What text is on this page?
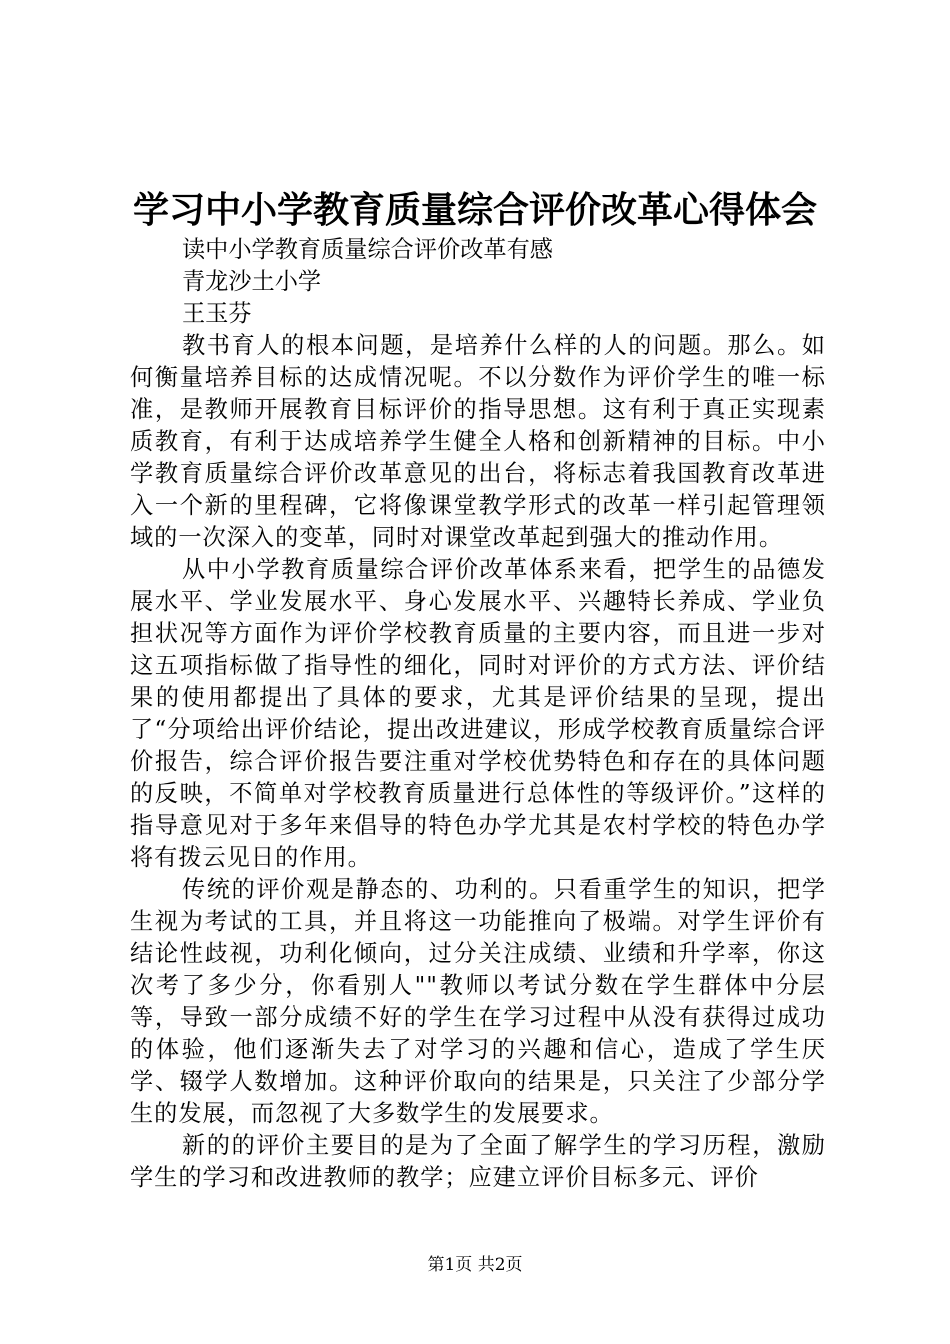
学习中小学教育质量综合评价改革心得体会

读中小学教育质量综合评价改革有感

青龙沙土小学

王玉芬

教书育人的根本问题，是培养什么样的人的问题。那么。如何衡量培养目标的达成情况呢。不以分数作为评价学生的唯一标准，是教师开展教育目标评价的指导思想。这有利于真正实现素质教育，有利于达成培养学生健全人格和创新精神的目标。中小学教育质量综合评价改革意见的出台，将标志着我国教育改革进入一个新的里程碑，它将像课堂教学形式的改革一样引起管理领域的一次深入的变革，同时对课堂改革起到强大的推动作用。

从中小学教育质量综合评价改革体系来看，把学生的品德发展水平、学业发展水平、身心发展水平、兴趣特长养成、学业负担状况等方面作为评价学校教育质量的主要内容，而且进一步对这五项指标做了指导性的细化，同时对评价的方式方法、评价结果的使用都提出了具体的要求，尤其是评价结果的呈现，提出了“分项给出评价结论，提出改进建议，形成学校教育质量综合评价报告，综合评价报告要注重对学校优势特色和存在的具体问题的反映，不简单对学校教育质量进行总体性的等级评价。”这样的指导意见对于多年来倡导的特色办学尤其是农村学校的特色办学将有拨云见日的作用。

传统的评价观是静态的、功利的。只看重学生的知识，把学生视为考试的工具，并且将这一功能推向了极端。对学生评价有结论性歧视，功利化倾向，过分关注成绩、业绩和升学率，你这次考了多少分，你看别人""教师以考试分数在学生群体中分层等，导致一部分成绩不好的学生在学习过程中从没有获得过成功的体验，他们逐渐失去了对学习的兴趣和信心，造成了学生厌学、辍学人数增加。这种评价取向的结果是，只关注了少部分学生的发展，而忽视了大多数学生的发展要求。

新的的评价主要目的是为了全面了解学生的学习历程，激励学生的学习和改进教师的教学；应建立评价目标多元、评价

第1页 共2页
